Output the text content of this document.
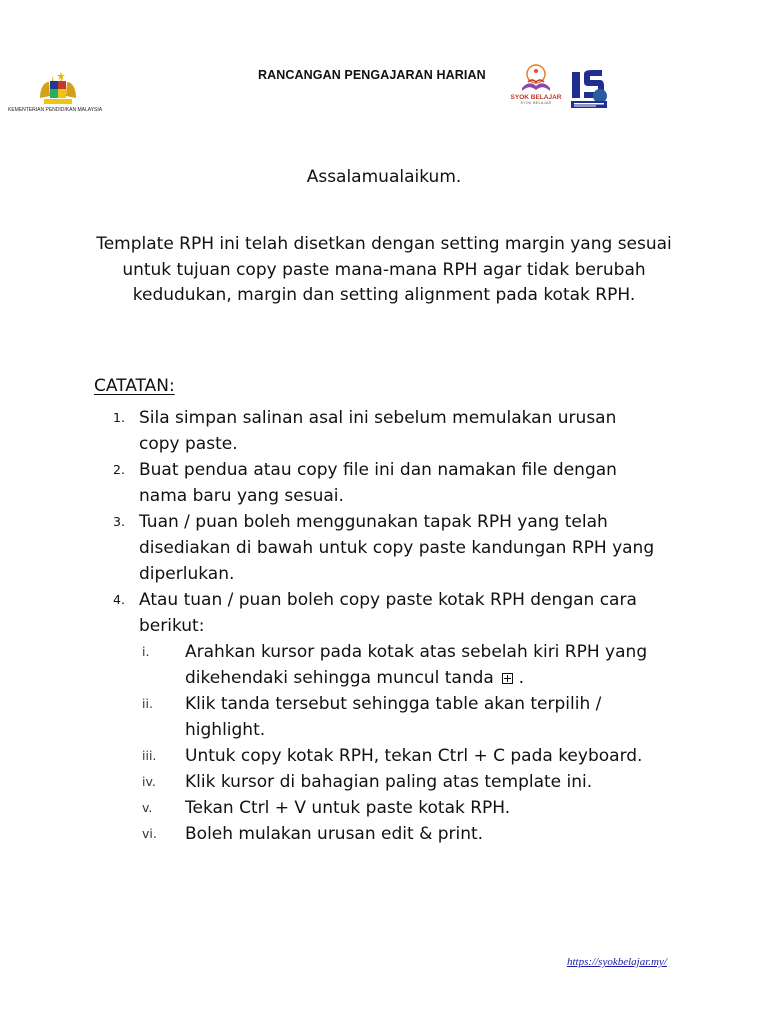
KEMENTERIAN PENDIDIKAN MALAYSIA
RANCANGAN PENGAJARAN HARIAN
SYOK BELAJAR
SYOK BELAJAR
Assalamualaikum.
Template RPH ini telah disetkan dengan setting margin yang sesuai untuk tujuan copy paste mana-mana RPH agar tidak berubah kedudukan, margin dan setting alignment pada kotak RPH.
CATATAN:
1. Sila simpan salinan asal ini sebelum memulakan urusan copy paste.
2. Buat pendua atau copy file ini dan namakan file dengan nama baru yang sesuai.
3. Tuan / puan boleh menggunakan tapak RPH yang telah disediakan di bawah untuk copy paste kandungan RPH yang diperlukan.
4. Atau tuan / puan boleh copy paste kotak RPH dengan cara berikut:
i.	Arahkan kursor pada kotak atas sebelah kiri RPH yang dikehendaki sehingga muncul tanda .
ii.	Klik tanda tersebut sehingga table akan terpilih / highlight.
iii.	Untuk copy kotak RPH, tekan Ctrl + C pada keyboard.
iv.	Klik kursor di bahagian paling atas template ini.
v.	Tekan Ctrl + V untuk paste kotak RPH.
vi.	Boleh mulakan urusan edit & print.
https://syokbelajar.my/
